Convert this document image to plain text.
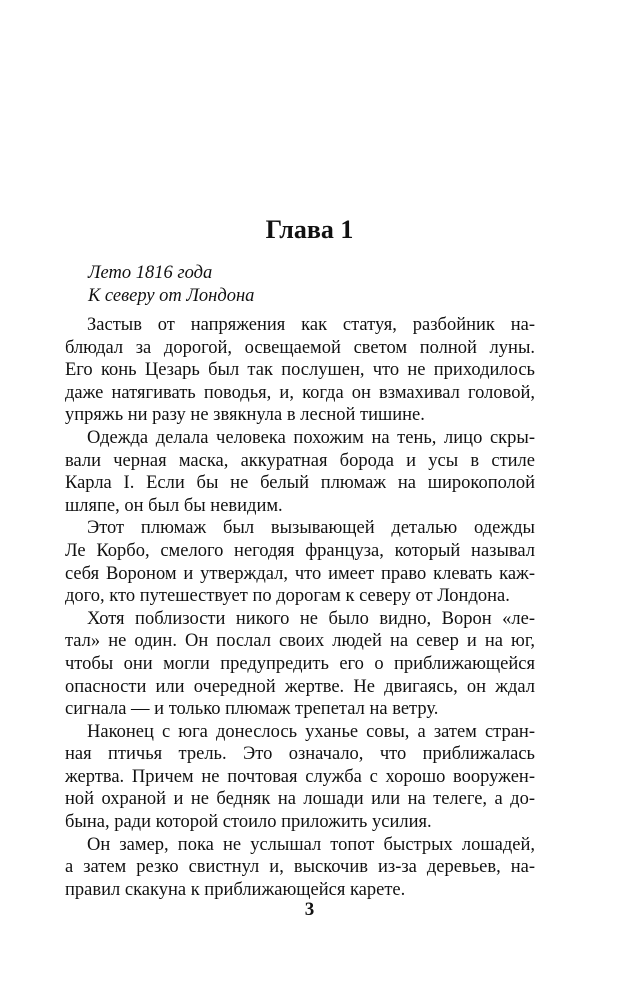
Глава 1
Лето 1816 года
К северу от Лондона

Застыв от напряжения как статуя, разбойник на-
блюдал за дорогой, освещаемой светом полной луны.
Его конь Цезарь был так послушен, что не приходилось
даже натягивать поводья, и, когда он взмахивал головой,
упряжь ни разу не звякнула в лесной тишине.

Одежда делала человека похожим на тень, лицо скры-
вали черная маска, аккуратная борода и усы в стиле
Карла I. Если бы не белый плюмаж на широкополой
шляпе, он был бы невидим.

Этот плюмаж был вызывающей деталью одежды
Ле Корбо, смелого негодяя француза, который называл
себя Вороном и утверждал, что имеет право клевать каж-
дого, кто путешествует по дорогам к северу от Лондона.

Хотя поблизости никого не было видно, Ворон «ле-
тал» не один. Он послал своих людей на север и на юг,
чтобы они могли предупредить его о приближающейся
опасности или очередной жертве. Не двигаясь, он ждал
сигнала — и только плюмаж трепетал на ветру.

Наконец с юга донеслось уханье совы, а затем стран-
ная птичья трель. Это означало, что приближалась
жертва. Причем не почтовая служба с хорошо вооружен-
ной охраной и не бедняк на лошади или на телеге, а до-
бына, ради которой стоило приложить усилия.

Он замер, пока не услышал топот быстрых лошадей,
а затем резко свистнул и, выскочив из-за деревьев, на-
правил скакуна к приближающейся карете.

3
